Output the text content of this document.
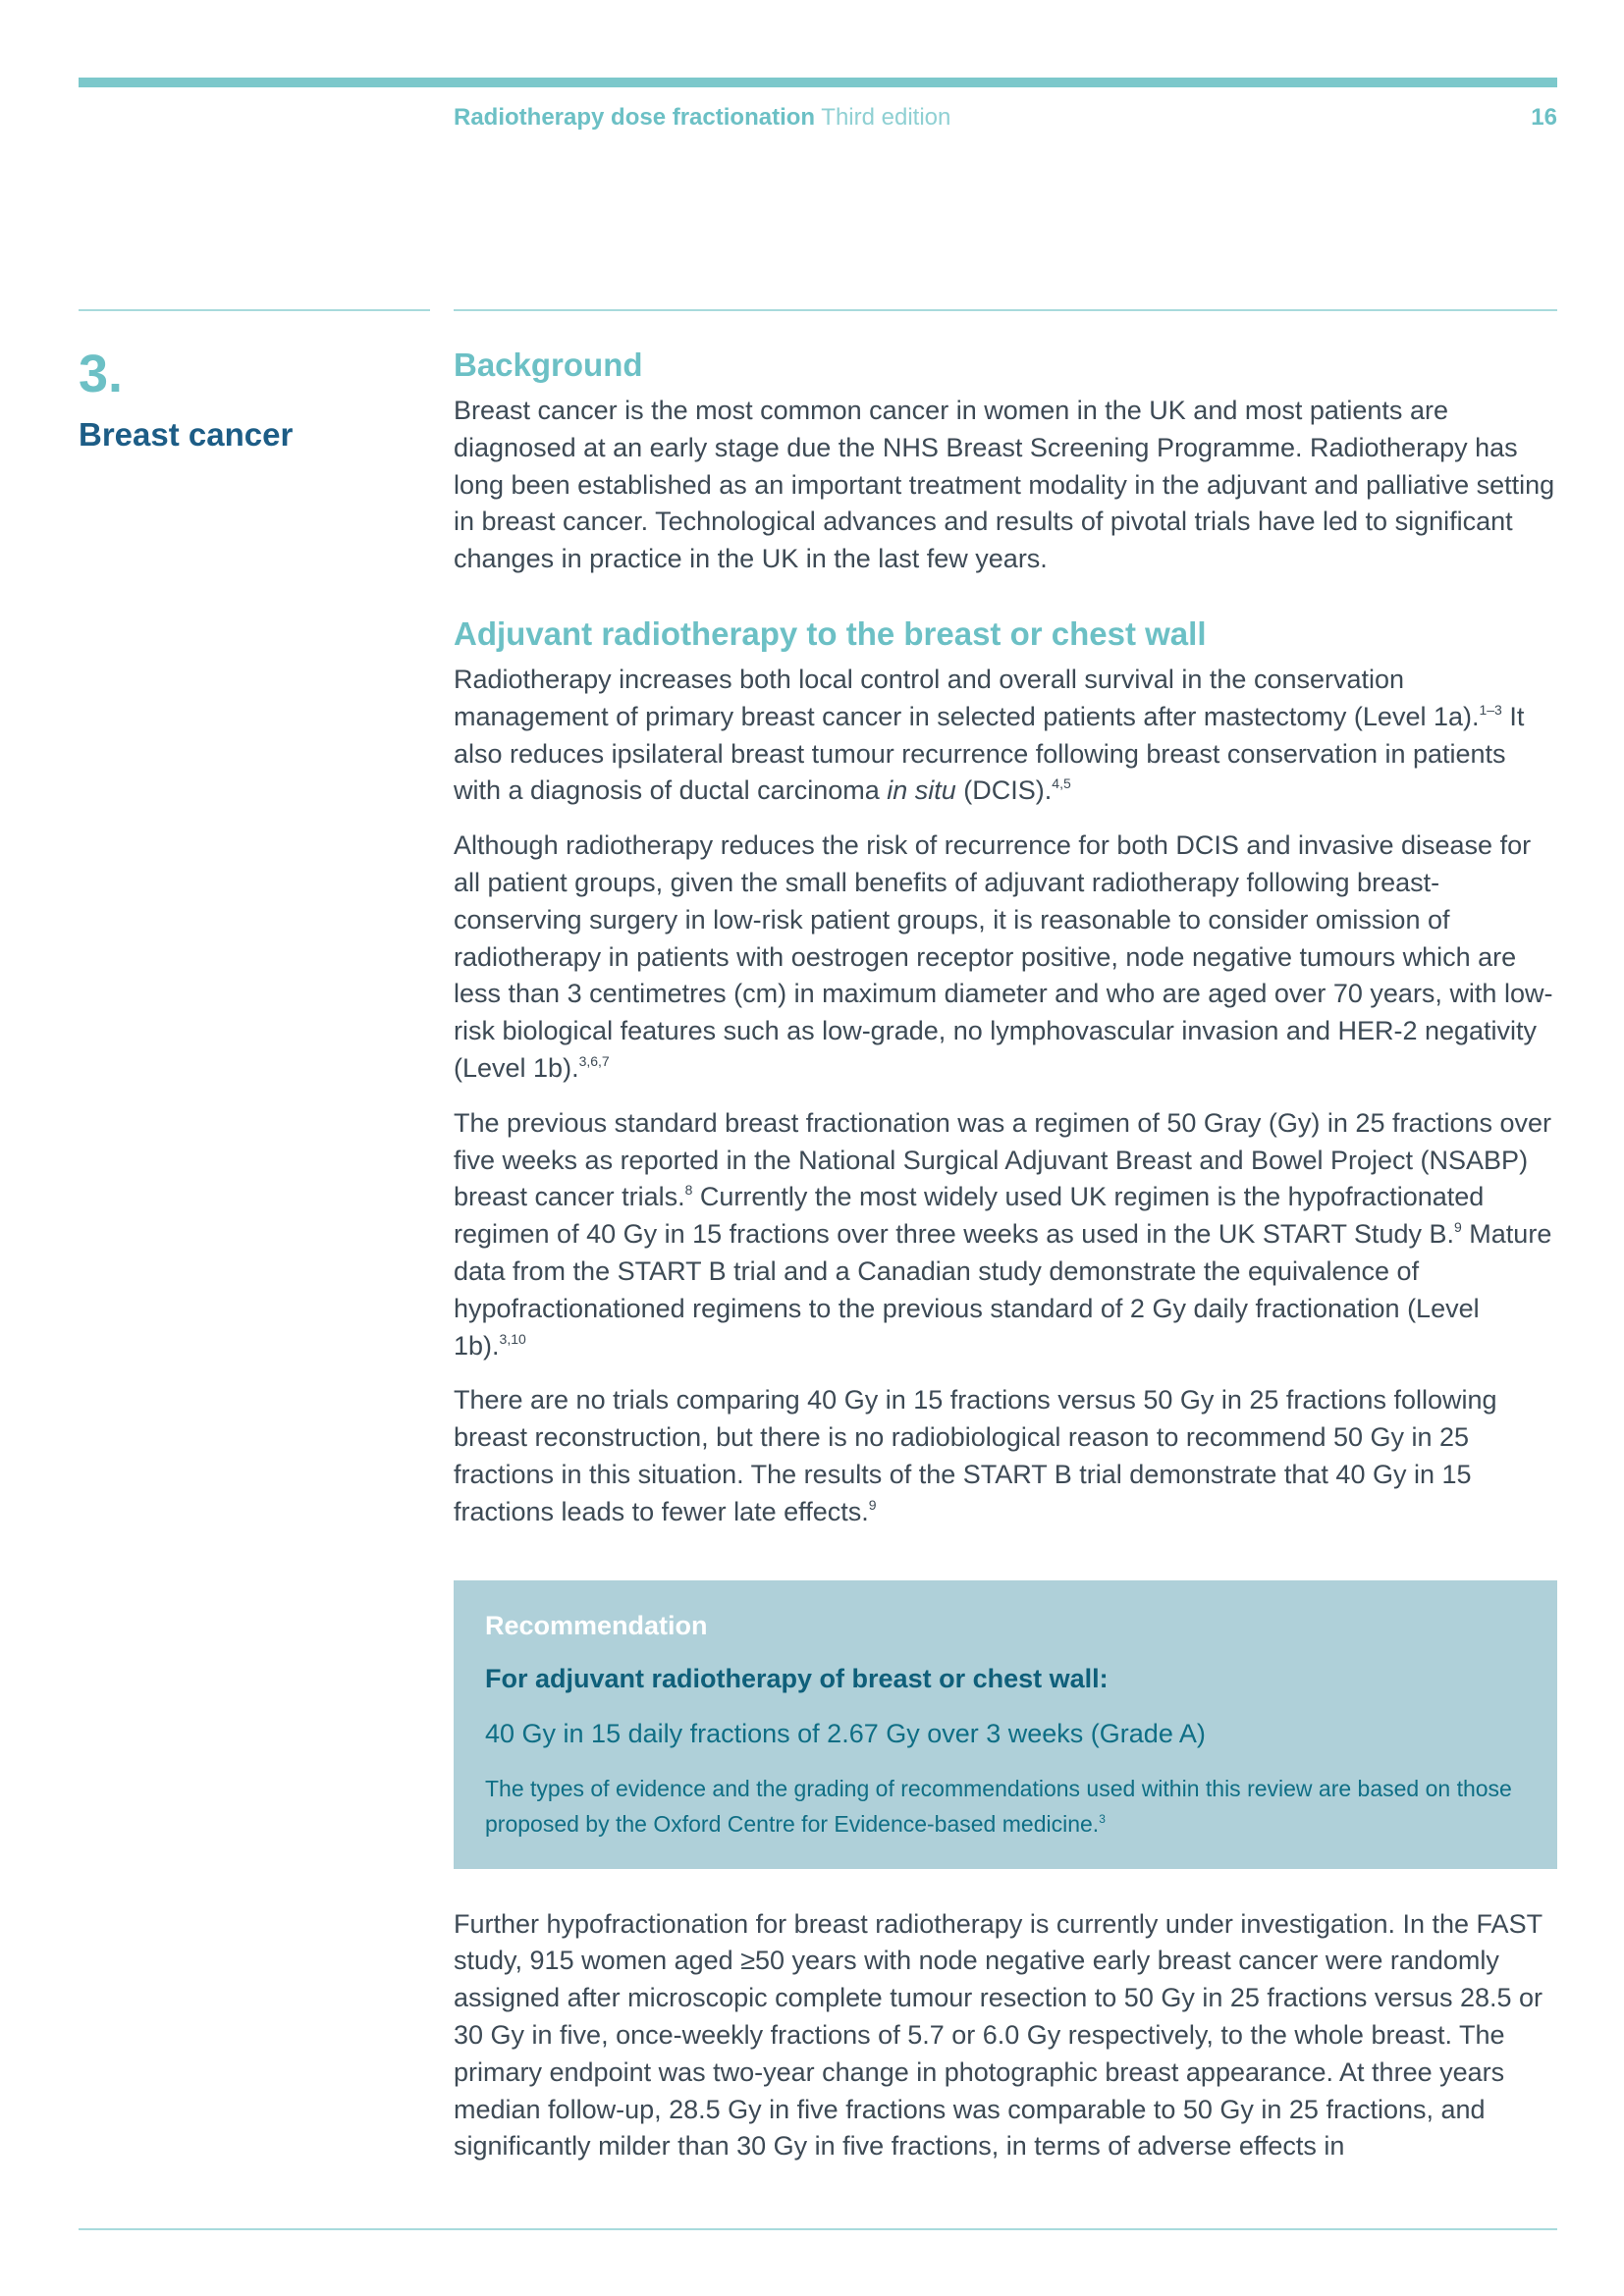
Radiotherapy dose fractionation Third edition	16
3.
Breast cancer
Background

Breast cancer is the most common cancer in women in the UK and most patients are diagnosed at an early stage due the NHS Breast Screening Programme. Radiotherapy has long been established as an important treatment modality in the adjuvant and palliative setting in breast cancer. Technological advances and results of pivotal trials have led to significant changes in practice in the UK in the last few years.

Adjuvant radiotherapy to the breast or chest wall

Radiotherapy increases both local control and overall survival in the conservation management of primary breast cancer in selected patients after mastectomy (Level 1a).$^{1-3}$ It also reduces ipsilateral breast tumour recurrence following breast conservation in patients with a diagnosis of ductal carcinoma in situ (DCIS).$^{4,5}$

Although radiotherapy reduces the risk of recurrence for both DCIS and invasive disease for all patient groups, given the small benefits of adjuvant radiotherapy following breast-conserving surgery in low-risk patient groups, it is reasonable to consider omission of radiotherapy in patients with oestrogen receptor positive, node negative tumours which are less than 3 centimetres (cm) in maximum diameter and who are aged over 70 years, with low-risk biological features such as low-grade, no lymphovascular invasion and HER-2 negativity (Level 1b).$^{3,6,7}$

The previous standard breast fractionation was a regimen of 50 Gray (Gy) in 25 fractions over five weeks as reported in the National Surgical Adjuvant Breast and Bowel Project (NSABP) breast cancer trials.$^8$ Currently the most widely used UK regimen is the hypofractionated regimen of 40 Gy in 15 fractions over three weeks as used in the UK START Study B.$^9$ Mature data from the START B trial and a Canadian study demonstrate the equivalence of hypofractionationed regimens to the previous standard of 2 Gy daily fractionation (Level 1b).$^{3,10}$

There are no trials comparing 40 Gy in 15 fractions versus 50 Gy in 25 fractions following breast reconstruction, but there is no radiobiological reason to recommend 50 Gy in 25 fractions in this situation. The results of the START B trial demonstrate that 40 Gy in 15 fractions leads to fewer late effects.$^9$

Recommendation
For adjuvant radiotherapy of breast or chest wall:
40 Gy in 15 daily fractions of 2.67 Gy over 3 weeks (Grade A)
The types of evidence and the grading of recommendations used within this review are based on those proposed by the Oxford Centre for Evidence-based medicine.$^3$

Further hypofractionation for breast radiotherapy is currently under investigation. In the FAST study, 915 women aged ≥50 years with node negative early breast cancer were randomly assigned after microscopic complete tumour resection to 50 Gy in 25 fractions versus 28.5 or 30 Gy in five, once-weekly fractions of 5.7 or 6.0 Gy respectively, to the whole breast. The primary endpoint was two-year change in photographic breast appearance. At three years median follow-up, 28.5 Gy in five fractions was comparable to 50 Gy in 25 fractions, and significantly milder than 30 Gy in five fractions, in terms of adverse effects in
